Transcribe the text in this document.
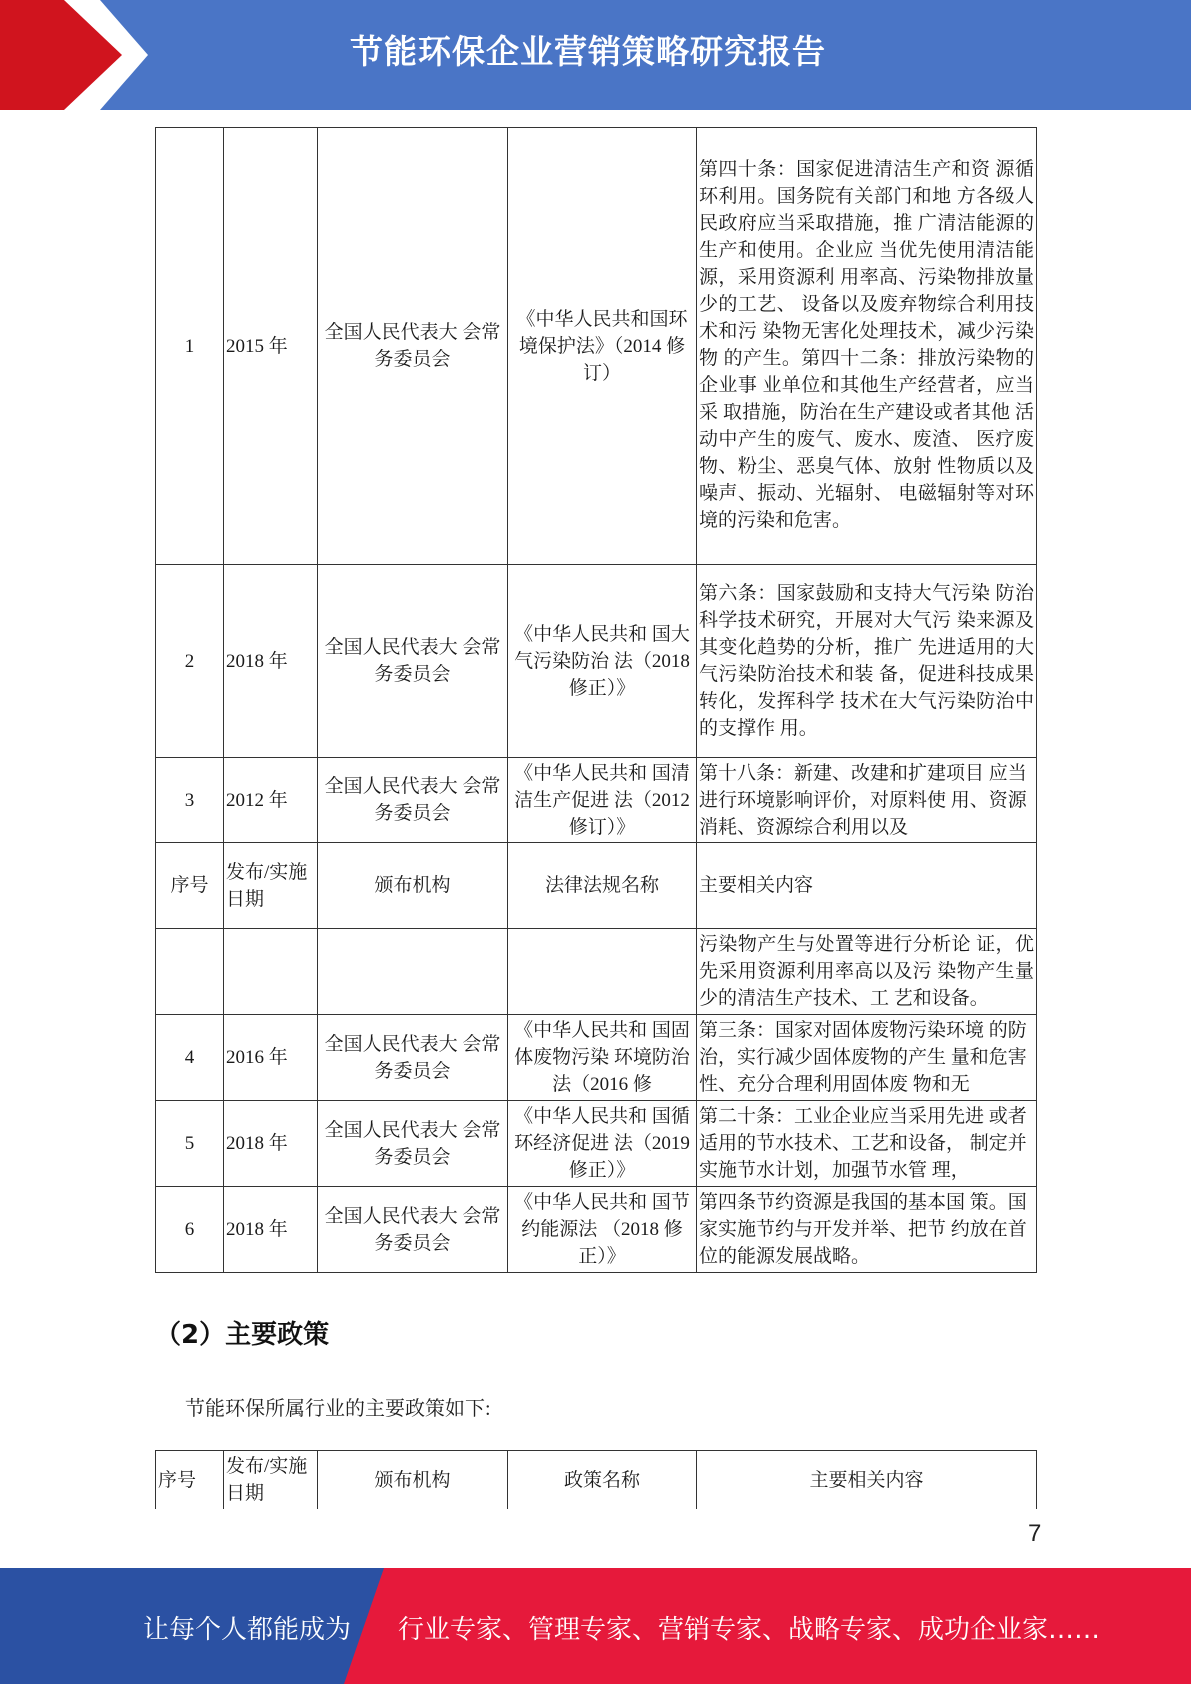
节能环保企业营销策略研究报告
1	2015 年	全国人民代表大 会常务委员会	《中华人民共和国环境保护法》（2014 修订）	第四十条：国家促进清洁生产和资 源循环利用。国务院有关部门和地 方各级人民政府应当采取措施，推 广清洁能源的生产和使用。企业应 当优先使用清洁能源，采用资源利 用率高、污染物排放量少的工艺、 设备以及废弃物综合利用技术和污 染物无害化处理技术，减少污染物 的产生。第四十二条：排放污染物的企业事 业单位和其他生产经营者，应当采 取措施，防治在生产建设或者其他 活动中产生的废气、废水、废渣、 医疗废物、粉尘、恶臭气体、放射 性物质以及噪声、振动、光辐射、 电磁辐射等对环境的污染和危害。
2	2018 年	全国人民代表大 会常务委员会	《中华人民共和 国大气污染防治 法（2018 修正）》	第六条：国家鼓励和支持大气污染 防治科学技术研究，开展对大气污 染来源及其变化趋势的分析，推广 先进适用的大气污染防治技术和装 备，促进科技成果转化，发挥科学 技术在大气污染防治中的支撑作 用。
3	2012 年	全国人民代表大 会常务委员会	《中华人民共和 国清洁生产促进 法（2012 修订）》	第十八条：新建、改建和扩建项目 应当进行环境影响评价，对原料使 用、资源消耗、资源综合利用以及
序号	发布/实施日期	颁布机构	法律法规名称	主要相关内容
				污染物产生与处置等进行分析论 证，优先采用资源利用率高以及污 染物产生量少的清洁生产技术、工 艺和设备。
4	2016 年	全国人民代表大 会常务委员会	《中华人民共和 国固体废物污染 环境防治法（2016 修	第三条：国家对固体废物污染环境 的防治，实行减少固体废物的产生 量和危害性、充分合理利用固体废 物和无
5	2018 年	全国人民代表大 会常务委员会	《中华人民共和 国循环经济促进 法（2019 修正）》	第二十条：工业企业应当采用先进 或者适用的节水技术、工艺和设备， 制定并实施节水计划，加强节水管 理，
6	2018 年	全国人民代表大 会常务委员会	《中华人民共和 国节约能源法 （2018 修正）》	第四条节约资源是我国的基本国 策。国家实施节约与开发并举、把节 约放在首位的能源发展战略。
（2）主要政策
节能环保所属行业的主要政策如下:
序号	发布/实施日期	颁布机构	政策名称	主要相关内容
7
让每个人都能成为 行业专家、管理专家、营销专家、战略专家、成功企业家……
